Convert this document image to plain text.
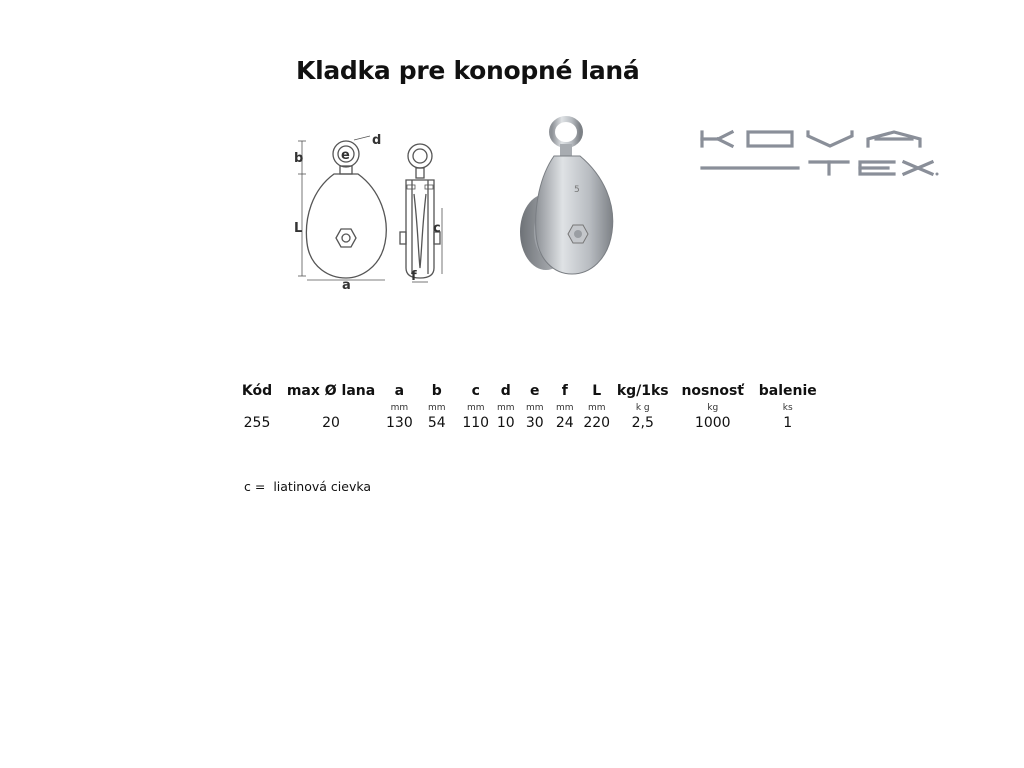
Kladka pre konopné laná
b
d
e
L
a
c
f
5
Kód	max Ø lana	a	b	c	d	e	f	L	kg/1ks	nosnosť	balenie
		mm	mm	mm	mm	mm	mm	mm	k g	kg	ks
255	20	130	54	110	10	30	24	220	2,5	1000	1
c = liatinová cievka
